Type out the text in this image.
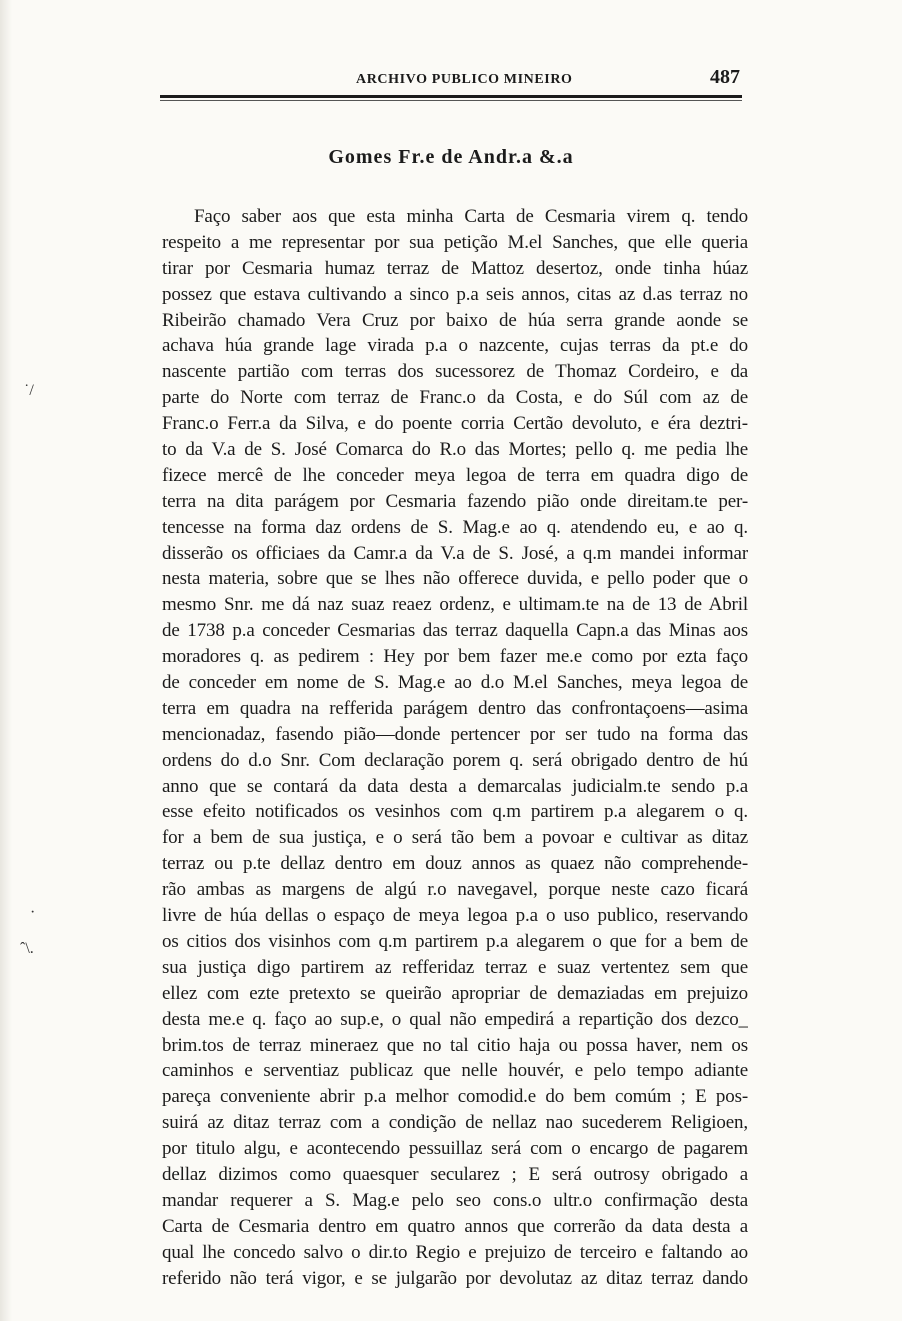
ARCHIVO PUBLICO MINEIRO	487
Gomes Fr.e de Andr.a &.a
˙/
·
ˆ\.
Faço saber aos que esta minha Carta de Cesmaria virem q. tendo
respeito a me representar por sua petição M.el Sanches, que elle queria
tirar por Cesmaria humaz terraz de Mattoz desertoz, onde tinha húaz
possez que estava cultivando a sinco p.a seis annos, citas az d.as terraz no
Ribeirão chamado Vera Cruz por baixo de húa serra grande aonde se
achava húa grande lage virada p.a o nazcente, cujas terras da pt.e do
nascente partião com terras dos sucessorez de Thomaz Cordeiro, e da
parte do Norte com terraz de Franc.o da Costa, e do Súl com az de
Franc.o Ferr.a da Silva, e do poente corria Certão devoluto, e éra deztri-
to da V.a de S. José Comarca do R.o das Mortes; pello q. me pedia lhe
fizece mercê de lhe conceder meya legoa de terra em quadra digo de
terra na dita parágem por Cesmaria fazendo pião onde direitam.te per-
tencesse na forma daz ordens de S. Mag.e ao q. atendendo eu, e ao q.
disserão os officiaes da Camr.a da V.a de S. José, a q.m mandei informar
nesta materia, sobre que se lhes não offerece duvida, e pello poder que o
mesmo Snr. me dá naz suaz reaez ordenz, e ultimam.te na de 13 de Abril
de 1738 p.a conceder Cesmarias das terraz daquella Capn.a das Minas aos
moradores q. as pedirem : Hey por bem fazer me.e como por ezta faço
de conceder em nome de S. Mag.e ao d.o M.el Sanches, meya legoa de
terra em quadra na refferida parágem dentro das confrontaçoens—asima
mencionadaz, fasendo pião—donde pertencer por ser tudo na forma das
ordens do d.o Snr. Com declaração porem q. será obrigado dentro de hú
anno que se contará da data desta a demarcalas judicialm.te sendo p.a
esse efeito notificados os vesinhos com q.m partirem p.a alegarem o q.
for a bem de sua justiça, e o será tão bem a povoar e cultivar as ditaz
terraz ou p.te dellaz dentro em douz annos as quaez não comprehende-
rão ambas as margens de algú r.o navegavel, porque neste cazo ficará
livre de húa dellas o espaço de meya legoa p.a o uso publico, reservando
os citios dos visinhos com q.m partirem p.a alegarem o que for a bem de
sua justiça digo partirem az refferidaz terraz e suaz vertentez sem que
ellez com ezte pretexto se queirão apropriar de demaziadas em prejuizo
desta me.e q. faço ao sup.e, o qual não empedirá a repartição dos dezco_
brim.tos de terraz mineraez que no tal citio haja ou possa haver, nem os
caminhos e serventiaz publicaz que nelle houvér, e pelo tempo adiante
pareça conveniente abrir p.a melhor comodid.e do bem comúm ; E pos-
suirá az ditaz terraz com a condição de nellaz nao sucederem Religioen,
por titulo algu, e acontecendo pessuillaz será com o encargo de pagarem
dellaz dizimos como quaesquer secularez ; E será outrosy obrigado a
mandar requerer a S. Mag.e pelo seo cons.o ultr.o confirmação desta
Carta de Cesmaria dentro em quatro annos que correrão da data desta a
qual lhe concedo salvo o dir.to Regio e prejuizo de terceiro e faltando ao
referido não terá vigor, e se julgarão por devolutaz az ditaz terraz dando
